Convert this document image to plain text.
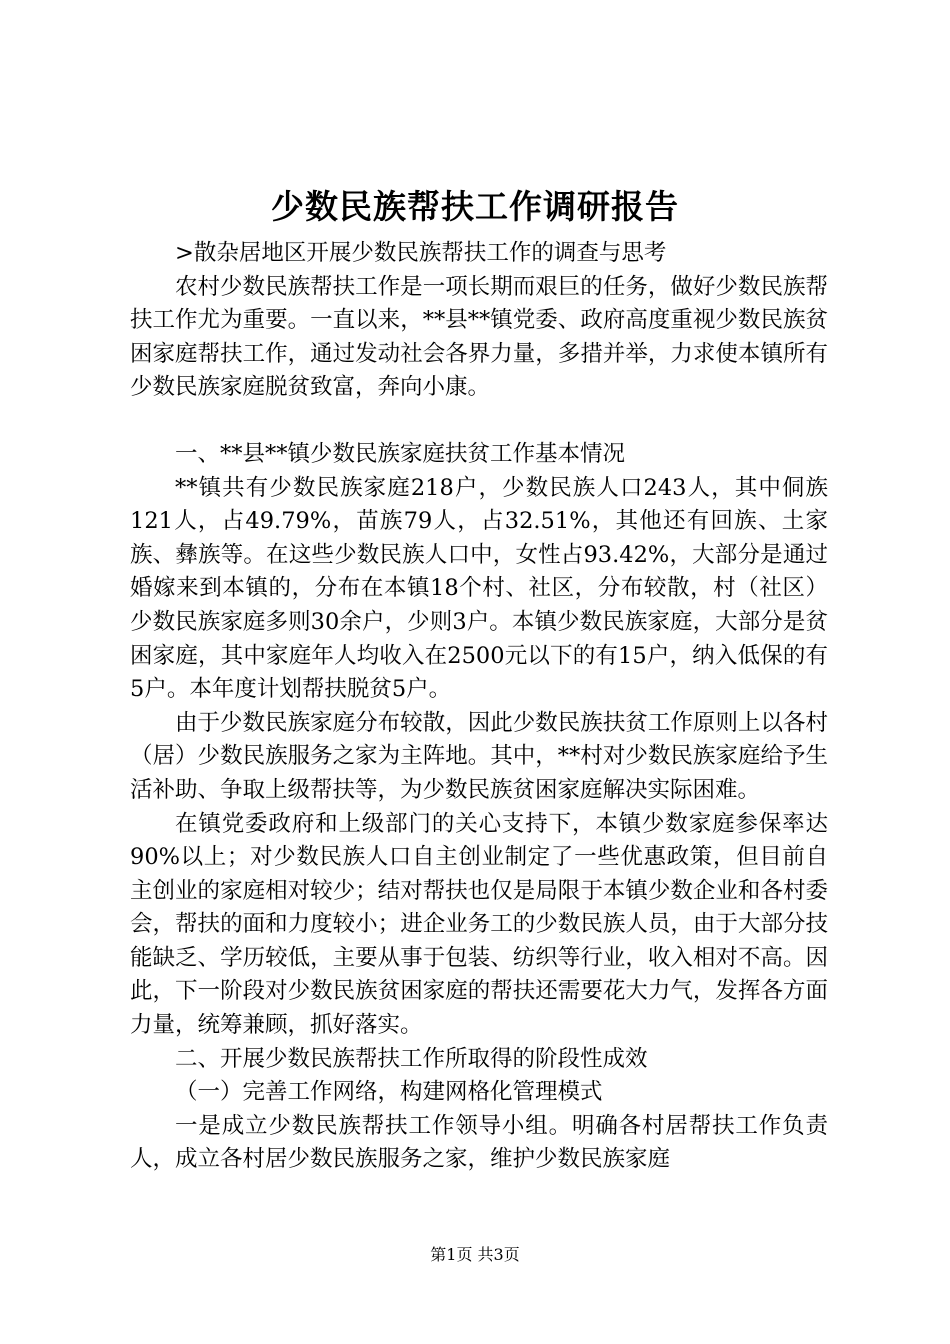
少数民族帮扶工作调研报告

>散杂居地区开展少数民族帮扶工作的调查与思考

农村少数民族帮扶工作是一项长期而艰巨的任务，做好少数民族帮扶工作尤为重要。一直以来，**县**镇党委、政府高度重视少数民族贫困家庭帮扶工作，通过发动社会各界力量，多措并举，力求使本镇所有少数民族家庭脱贫致富，奔向小康。

一、**县**镇少数民族家庭扶贫工作基本情况

**镇共有少数民族家庭218户，少数民族人口243人，其中侗族121人，占49.79%，苗族79人，占32.51%，其他还有回族、土家族、彝族等。在这些少数民族人口中，女性占93.42%，大部分是通过婚嫁来到本镇的，分布在本镇18个村、社区，分布较散，村（社区）少数民族家庭多则30余户，少则3户。本镇少数民族家庭，大部分是贫困家庭，其中家庭年人均收入在2500元以下的有15户，纳入低保的有5户。本年度计划帮扶脱贫5户。

由于少数民族家庭分布较散，因此少数民族扶贫工作原则上以各村（居）少数民族服务之家为主阵地。其中，**村对少数民族家庭给予生活补助、争取上级帮扶等，为少数民族贫困家庭解决实际困难。

在镇党委政府和上级部门的关心支持下，本镇少数家庭参保率达90%以上；对少数民族人口自主创业制定了一些优惠政策，但目前自主创业的家庭相对较少；结对帮扶也仅是局限于本镇少数企业和各村委会，帮扶的面和力度较小；进企业务工的少数民族人员，由于大部分技能缺乏、学历较低，主要从事于包装、纺织等行业，收入相对不高。因此，下一阶段对少数民族贫困家庭的帮扶还需要花大力气，发挥各方面力量，统筹兼顾，抓好落实。

二、开展少数民族帮扶工作所取得的阶段性成效

（一）完善工作网络，构建网格化管理模式

一是成立少数民族帮扶工作领导小组。明确各村居帮扶工作负责人，成立各村居少数民族服务之家，维护少数民族家庭

第1页 共3页
